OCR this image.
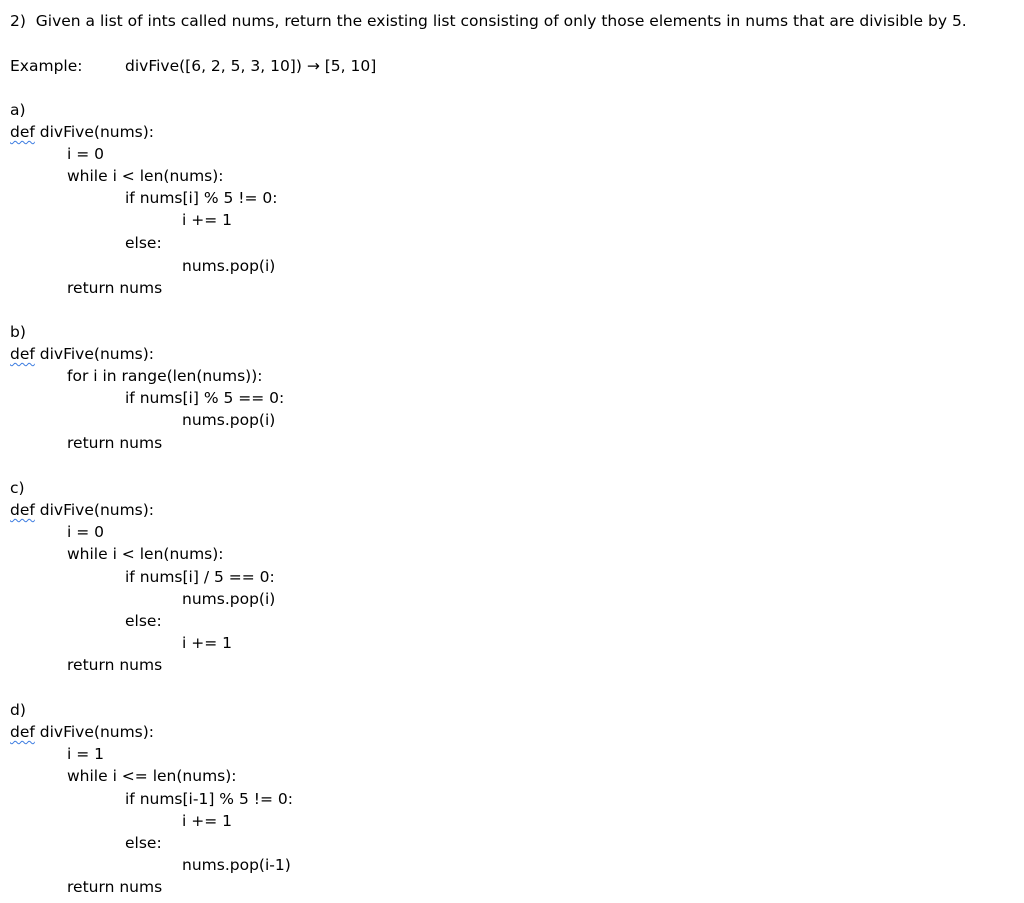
2)  Given a list of ints called nums, return the existing list consisting of only those elements in nums that are divisible by 5.
Example:	divFive([6, 2, 5, 3, 10]) → [5, 10]
a)
def divFive(nums):
i = 0
while i < len(nums):
if nums[i] % 5 != 0:
i += 1
else:
nums.pop(i)
return nums
b)
def divFive(nums):
for i in range(len(nums)):
if nums[i] % 5 == 0:
nums.pop(i)
return nums
c)
def divFive(nums):
i = 0
while i < len(nums):
if nums[i] / 5 == 0:
nums.pop(i)
else:
i += 1
return nums
d)
def divFive(nums):
i = 1
while i <= len(nums):
if nums[i-1] % 5 != 0:
i += 1
else:
nums.pop(i-1)
return nums
